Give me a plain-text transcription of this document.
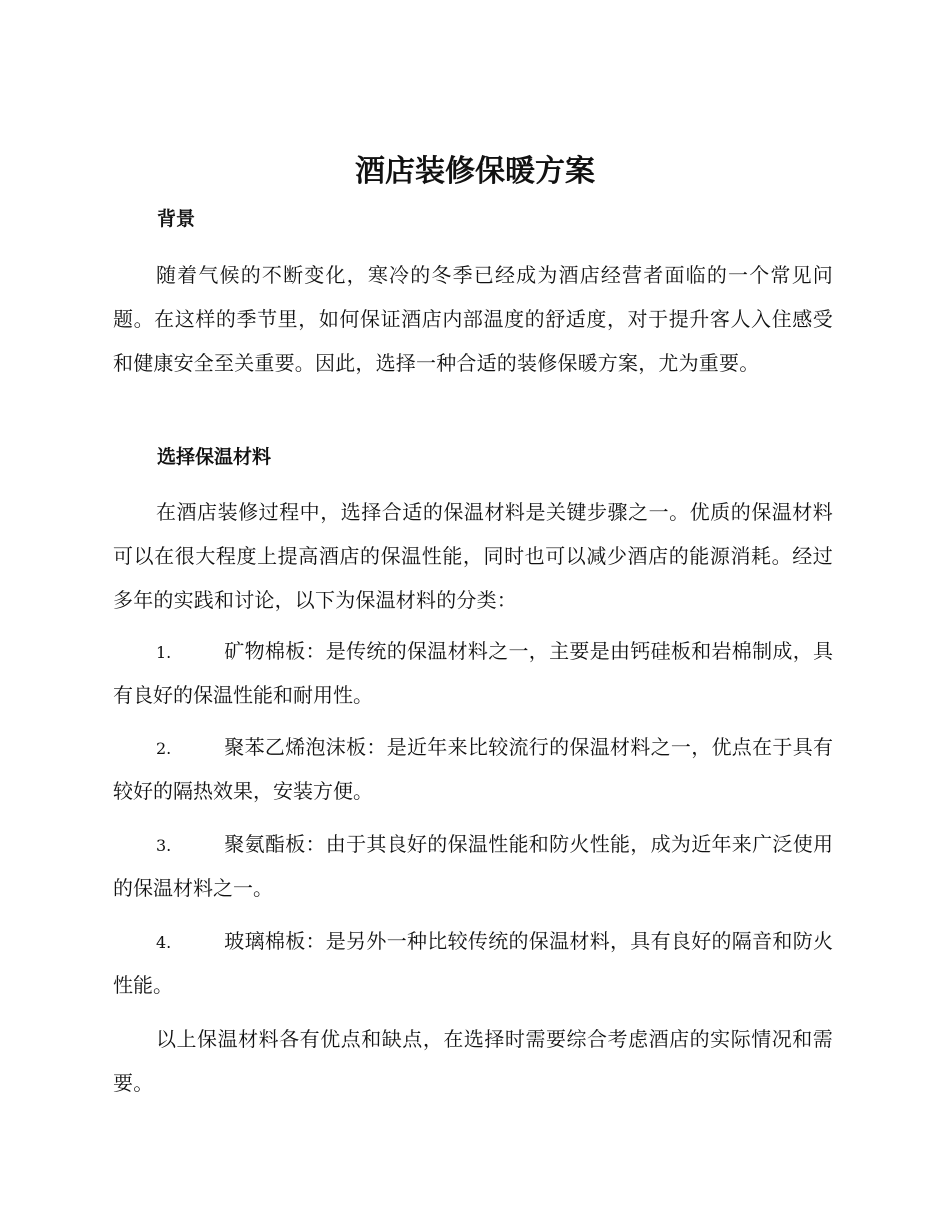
酒店装修保暖方案
背景

随着气候的不断变化，寒冷的冬季已经成为酒店经营者面临的一个常见问题。在这样的季节里，如何保证酒店内部温度的舒适度，对于提升客人入住感受和健康安全至关重要。因此，选择一种合适的装修保暖方案，尤为重要。

选择保温材料

在酒店装修过程中，选择合适的保温材料是关键步骤之一。优质的保温材料可以在很大程度上提高酒店的保温性能，同时也可以减少酒店的能源消耗。经过多年的实践和讨论，以下为保温材料的分类：

1.	矿物棉板：是传统的保温材料之一，主要是由钙硅板和岩棉制成，具有良好的保温性能和耐用性。

2.	聚苯乙烯泡沫板：是近年来比较流行的保温材料之一，优点在于具有较好的隔热效果，安装方便。

3.	聚氨酯板：由于其良好的保温性能和防火性能，成为近年来广泛使用的保温材料之一。

4.	玻璃棉板：是另外一种比较传统的保温材料，具有良好的隔音和防火性能。

以上保温材料各有优点和缺点，在选择时需要综合考虑酒店的实际情况和需要。
